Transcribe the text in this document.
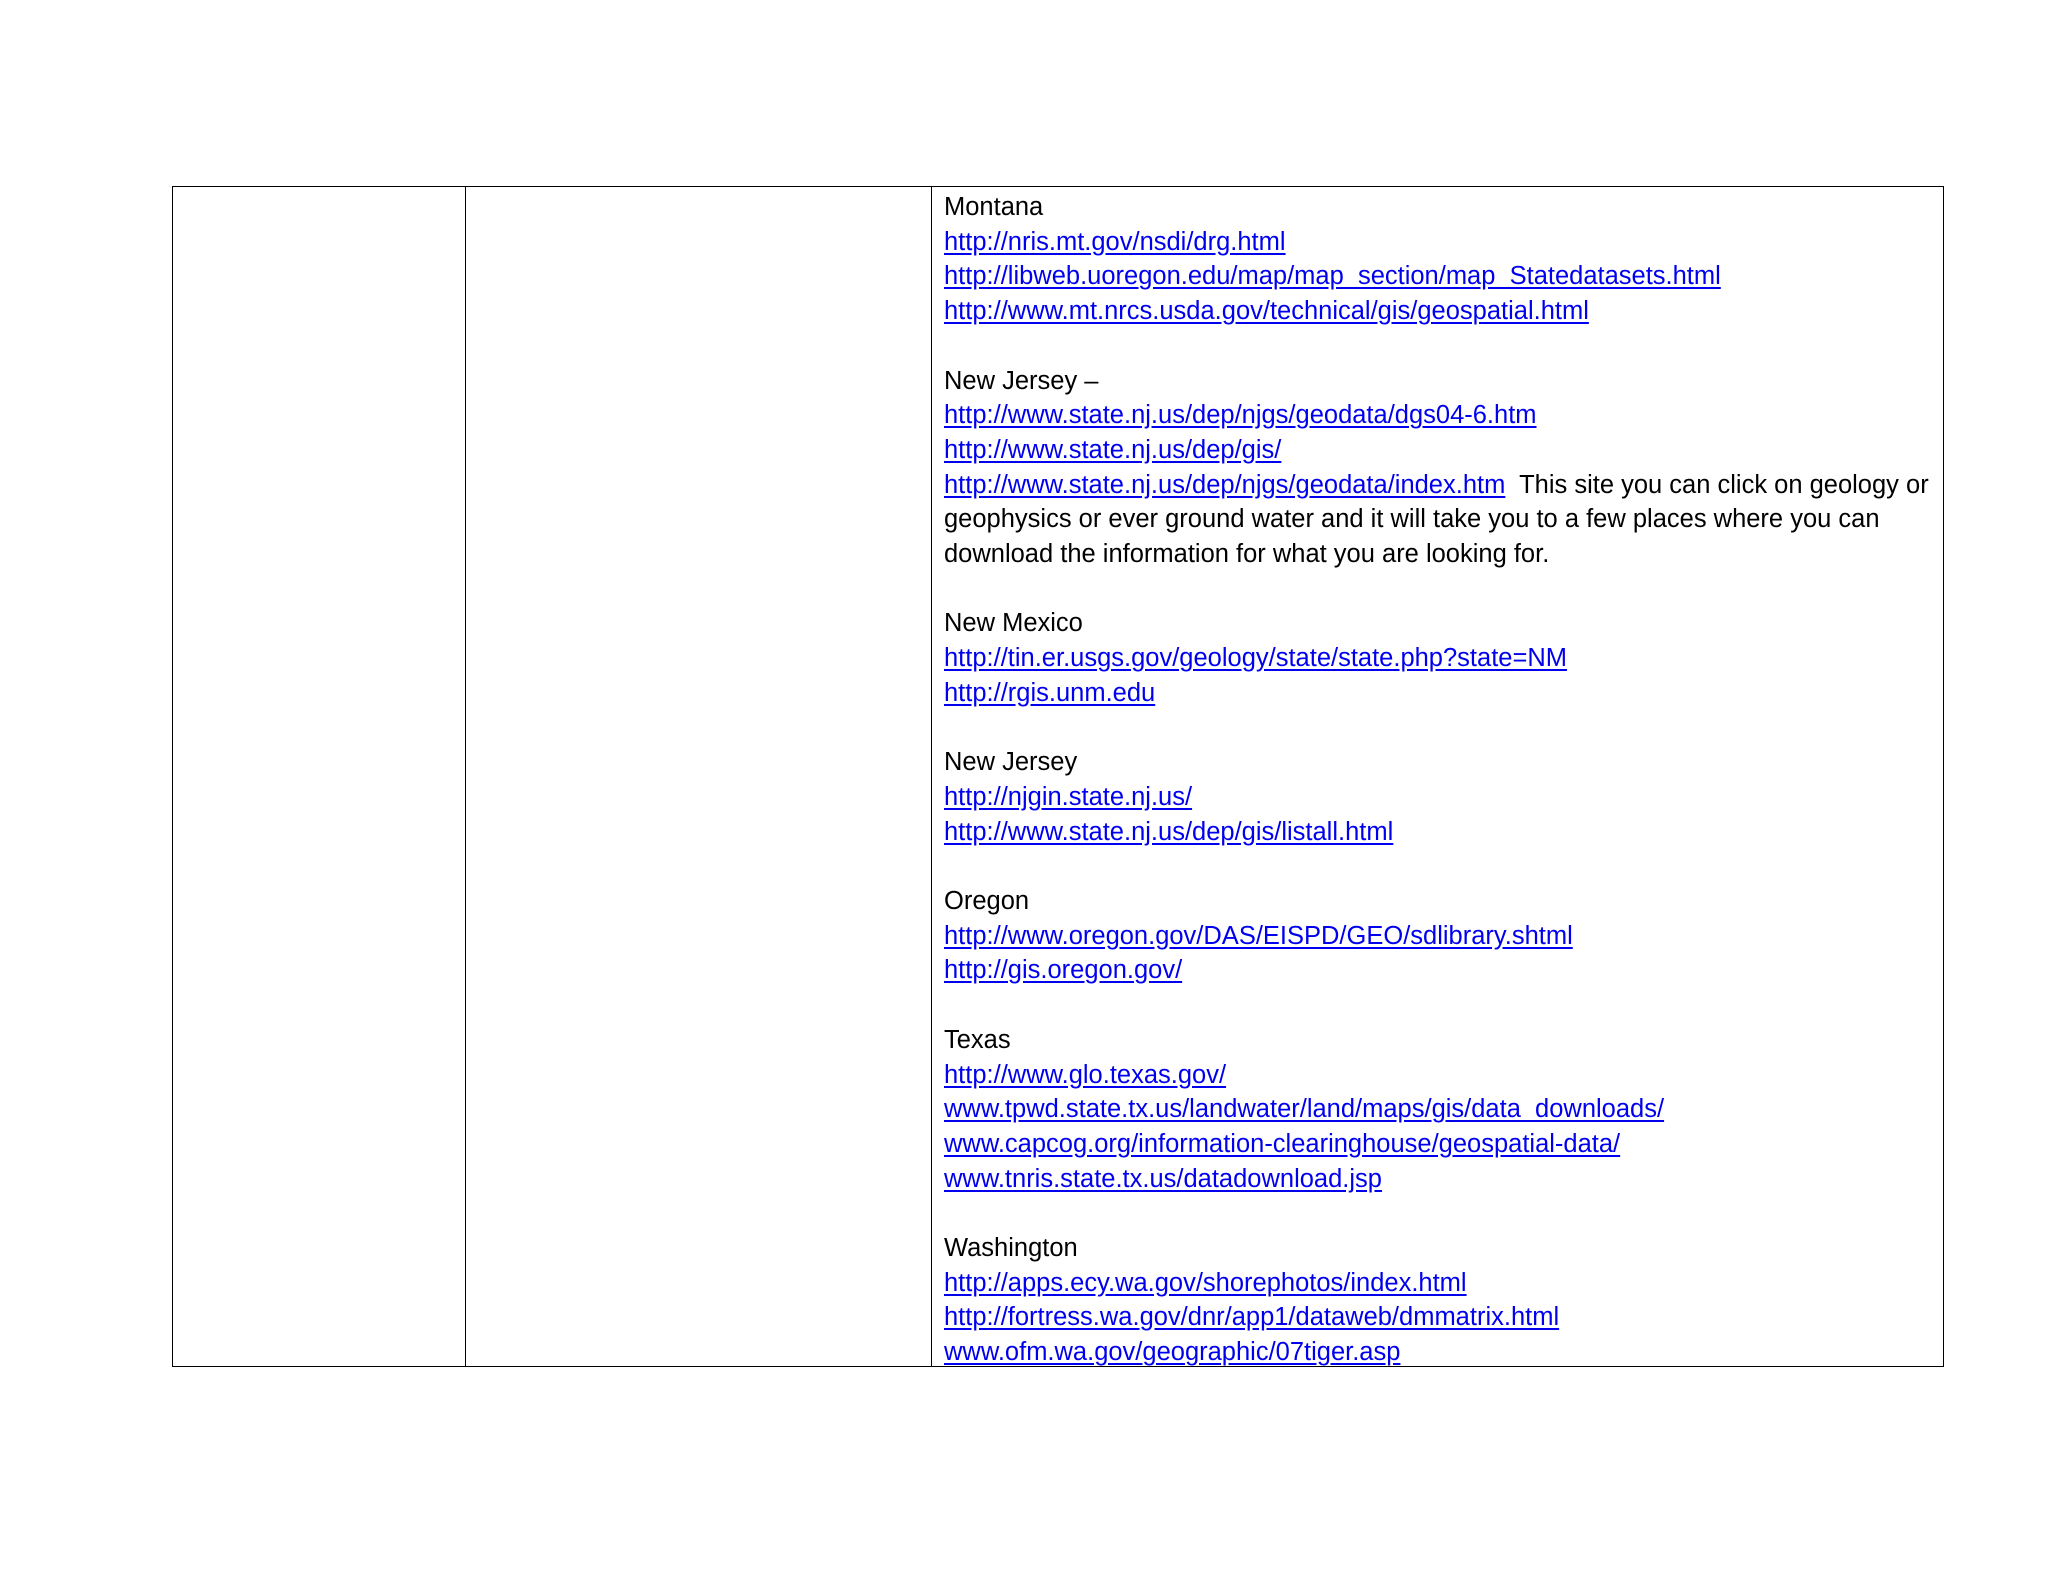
Montana
http://nris.mt.gov/nsdi/drg.html
http://libweb.uoregon.edu/map/map_section/map_Statedatasets.html
http://www.mt.nrcs.usda.gov/technical/gis/geospatial.html
New Jersey –
http://www.state.nj.us/dep/njgs/geodata/dgs04-6.htm
http://www.state.nj.us/dep/gis/
http://www.state.nj.us/dep/njgs/geodata/index.htm This site you can click on geology or geophysics or ever ground water and it will take you to a few places where you can download the information for what you are looking for.
New Mexico
http://tin.er.usgs.gov/geology/state/state.php?state=NM
http://rgis.unm.edu
New Jersey
http://njgin.state.nj.us/
http://www.state.nj.us/dep/gis/listall.html
Oregon
http://www.oregon.gov/DAS/EISPD/GEO/sdlibrary.shtml
http://gis.oregon.gov/
Texas
http://www.glo.texas.gov/
www.tpwd.state.tx.us/landwater/land/maps/gis/data_downloads/
www.capcog.org/information-clearinghouse/geospatial-data/
www.tnris.state.tx.us/datadownload.jsp
Washington
http://apps.ecy.wa.gov/shorephotos/index.html
http://fortress.wa.gov/dnr/app1/dataweb/dmmatrix.html
www.ofm.wa.gov/geographic/07tiger.asp
